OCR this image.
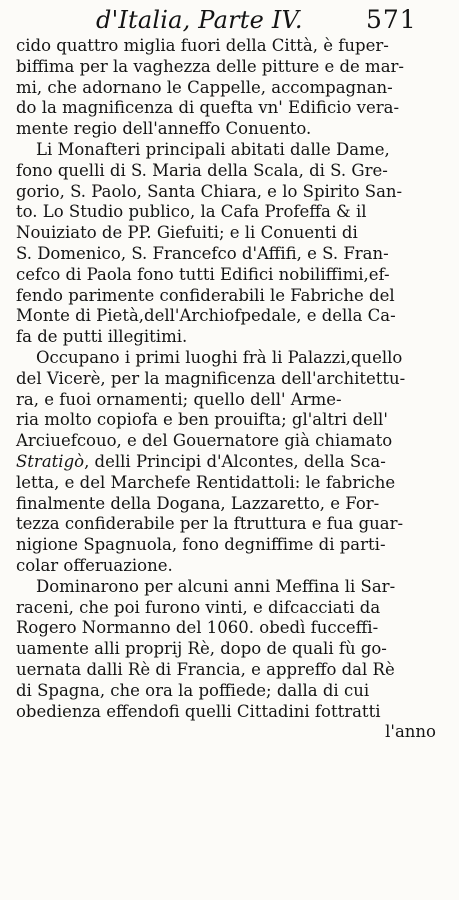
d'Italia, Parte IV.	571
cido quattro miglia fuori della Città, è fuper-
biffima per la vaghezza delle pitture e de mar-
mi, che adornano le Cappelle, accompagnan-
do la magnificenza di quefta vn' Edificio vera-
mente regio dell'anneffo Conuento.
Li Monafteri principali abitati dalle Dame,
fono quelli di S. Maria della Scala, di S. Gre-
gorio, S. Paolo, Santa Chiara, e lo Spirito San-
to. Lo Studio publico, la Cafa Profeffa & il
Nouiziato de PP. Giefuiti; e li Conuenti di
S. Domenico, S. Francefco d'Affifi, e S. Fran-
cefco di Paola fono tutti Edifici nobiliffimi,ef-
fendo parimente confiderabili le Fabriche del
Monte di Pietà,dell'Archiofpedale, e della Ca-
fa de putti illegitimi.
Occupano i primi luoghi frà li Palazzi,quello
del Vicerè, per la magnificenza dell'architettu-
ra, e fuoi ornamenti; quello dell' Arme-
ria molto copiofa e ben prouifta; gl'altri dell'
Arciuefcouo, e del Gouernatore già chiamato
Stratigò, delli Principi d'Alcontes, della Sca-
letta, e del Marchefe Rentidattoli: le fabriche
finalmente della Dogana, Lazzaretto, e For-
tezza confiderabile per la ftruttura e fua guar-
nigione Spagnuola, fono degniffime di parti-
colar offeruazione.
Dominarono per alcuni anni Meffina li Sar-
raceni, che poi furono vinti, e difcacciati da
Rogero Normanno del 1060. obedì fucceffi-
uamente alli proprij Rè, dopo de quali fù go-
uernata dalli Rè di Francia, e appreffo dal Rè
di Spagna, che ora la poffiede; dalla di cui
obedienza effendofi quelli Cittadini fottratti
l'anno
